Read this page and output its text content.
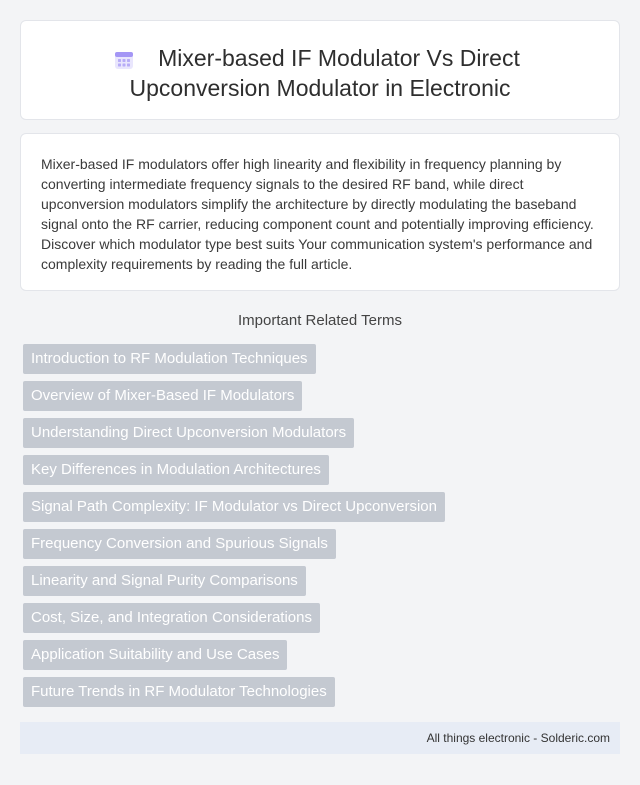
Mixer-based IF Modulator Vs Direct
Upconversion Modulator in Electronic

Mixer-based IF modulators offer high linearity and flexibility in frequency planning by converting intermediate frequency signals to the desired RF band, while direct upconversion modulators simplify the architecture by directly modulating the baseband signal onto the RF carrier, reducing component count and potentially improving efficiency. Discover which modulator type best suits Your communication system's performance and complexity requirements by reading the full article.

Important Related Terms
Introduction to RF Modulation Techniques
Overview of Mixer-Based IF Modulators
Understanding Direct Upconversion Modulators
Key Differences in Modulation Architectures
Signal Path Complexity: IF Modulator vs Direct Upconversion
Frequency Conversion and Spurious Signals
Linearity and Signal Purity Comparisons
Cost, Size, and Integration Considerations
Application Suitability and Use Cases
Future Trends in RF Modulator Technologies
All things electronic - Solderic.com
